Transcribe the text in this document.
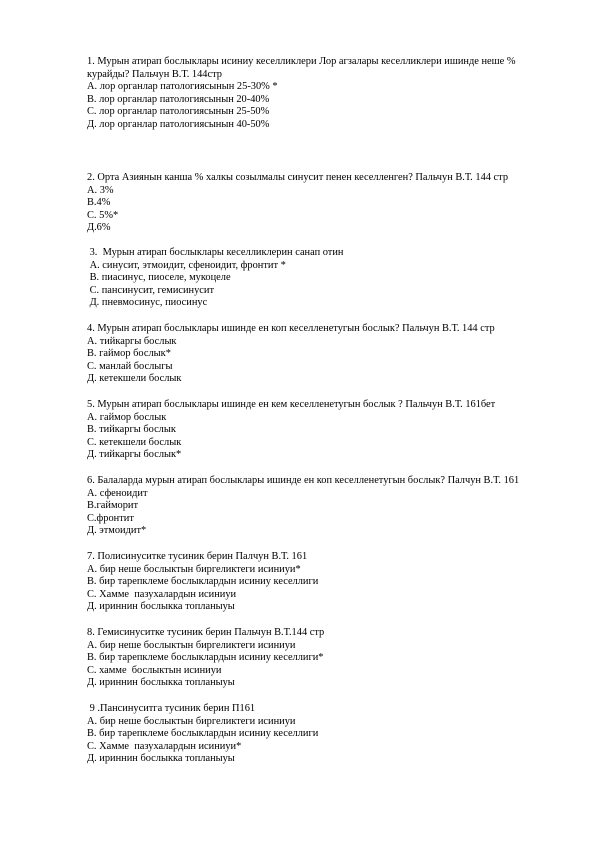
1. Мурын атирап бослыклары исиниу кеселликлери Лор агзалары кеселликлери ишинде неше % курайды? Пальчун В.Т. 144стр
А. лор органлар патологиясынын 25-30% *
В. лор органлар патологиясынын 20-40%
С. лор органлар патологиясынын 25-50%
Д. лор органлар патологиясынын 40-50%
2. Орта Азиянын канша % халкы созылмалы синусит пенен кеселленген? Пальчун В.Т. 144 стр
А. 3%
В.4%
С. 5%*
Д.6%
3.  Мурын атирап бослыклары кеселликлерин санап отин
А. синусит, этмоидит, сфеноидит, фронтит *
В. пиасинус, пиоселе, мукоцеле
С. пансинусит, гемисинусит
Д. пневмосинус, пиосинус
4. Мурын атирап бослыклары ишинде ен коп кеселленетугын бослык? Пальчун В.Т. 144 стр
А. тийкаргы бослык
В. гаймор бослык*
С. манлай бослыгы
Д. кетекшели бослык
5. Мурын атирап бослыклары ишинде ен кем кеселленетугын бослык ? Пальчун В.Т. 161бет
А. гаймор бослык
В. тийкаргы бослык
С. кетекшели бослык
Д. тийкаргы бослык*
6. Балаларда мурын атирап бослыклары ишинде ен коп кеселленетугын бослык? Палчун В.Т. 161
А. сфеноидит
В.гайморит
С.фронтит
Д. этмоидит*
7. Полисинуситке тусиник берин Палчун В.Т. 161
А. бир неше бослыктын биргеликтеги исиниуи*
В. бир тарепклеме бослыклардын исиниу кеселлиги
С. Хамме  пазухалардын исиниуи
Д. ириннин бослыкка топланыуы
8. Гемисинуситке тусиник берин Пальчун В.Т.144 стр
А. бир неше бослыктын биргеликтеги исиниуи
В. бир тарепклеме бослыклардын исиниу кеселлиги*
С. хамме  бослыктын исиниуи
Д. ириннин бослыкка топланыуы
9 .Пансинуситга тусиник берин П161
А. бир неше бослыктын биргеликтеги исиниуи
В. бир тарепклеме бослыклардын исиниу кеселлиги
С. Хамме  пазухалардын исиниуи*
Д. ириннин бослыкка топланыуы
